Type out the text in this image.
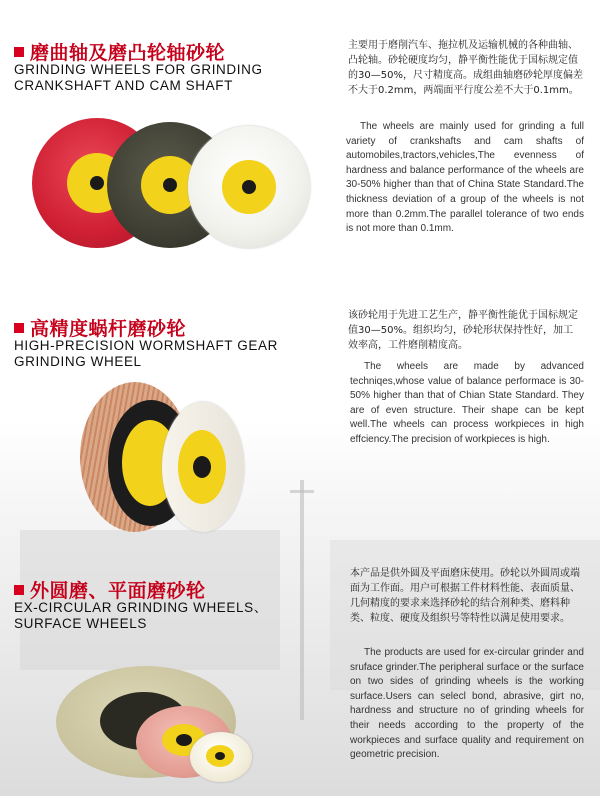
磨曲轴及磨凸轮轴砂轮
GRINDING WHEELS FOR GRINDING
CRANKSHAFT AND CAM SHAFT
主要用于磨削汽车、拖拉机及运输机械的各种曲轴、凸轮轴。砂轮硬度均匀，静平衡性能优于国标规定值的30—50%，尺寸精度高。成组曲轴磨砂轮厚度偏差不大于0.2mm，两端面平行度公差不大于0.1mm。
The wheels are mainly used for grinding a full variety of crankshafts and cam shafts of automobiles,tractors,vehicles,The evenness of hardness and balance performance of the wheels are 30-50% higher than that of China State Standard.The thickness deviation of a group of the wheels is not more than 0.2mm.The parallel tolerance of two ends is not more than 0.1mm.
高精度蜗杆磨砂轮
HIGH-PRECISION WORMSHAFT GEAR
GRINDING WHEEL
该砂轮用于先进工艺生产，静平衡性能优于国标规定值30—50%。组织均匀，砂轮形状保持性好，加工效率高，工件磨削精度高。
The wheels are made by advanced techniqes,whose value of balance performace is 30-50% higher than that of Chian State Standard. They are of even structure. Their shape can be kept well.The wheels can process workpieces in high effciency.The precision of workpieces is high.
外圆磨、平面磨砂轮
EX-CIRCULAR GRINDING WHEELS、
SURFACE WHEELS
本产品是供外圆及平面磨床使用。砂轮以外圆周或端面为工作面。用户可根据工件材料性能、表面质量、几何精度的要求来选择砂轮的结合剂种类、磨料种类、粒度、硬度及组织号等特性以满足使用要求。
The products are used for ex-circular grinder and sruface grinder.The peripheral surface or the surface on two sides of grinding wheels is the working surface.Users can selecl bond, abrasive, girt no, hardness and structure no of grinding wheels for their needs according to the property of the workpieces and surface quality and requirement on geometric precision.
